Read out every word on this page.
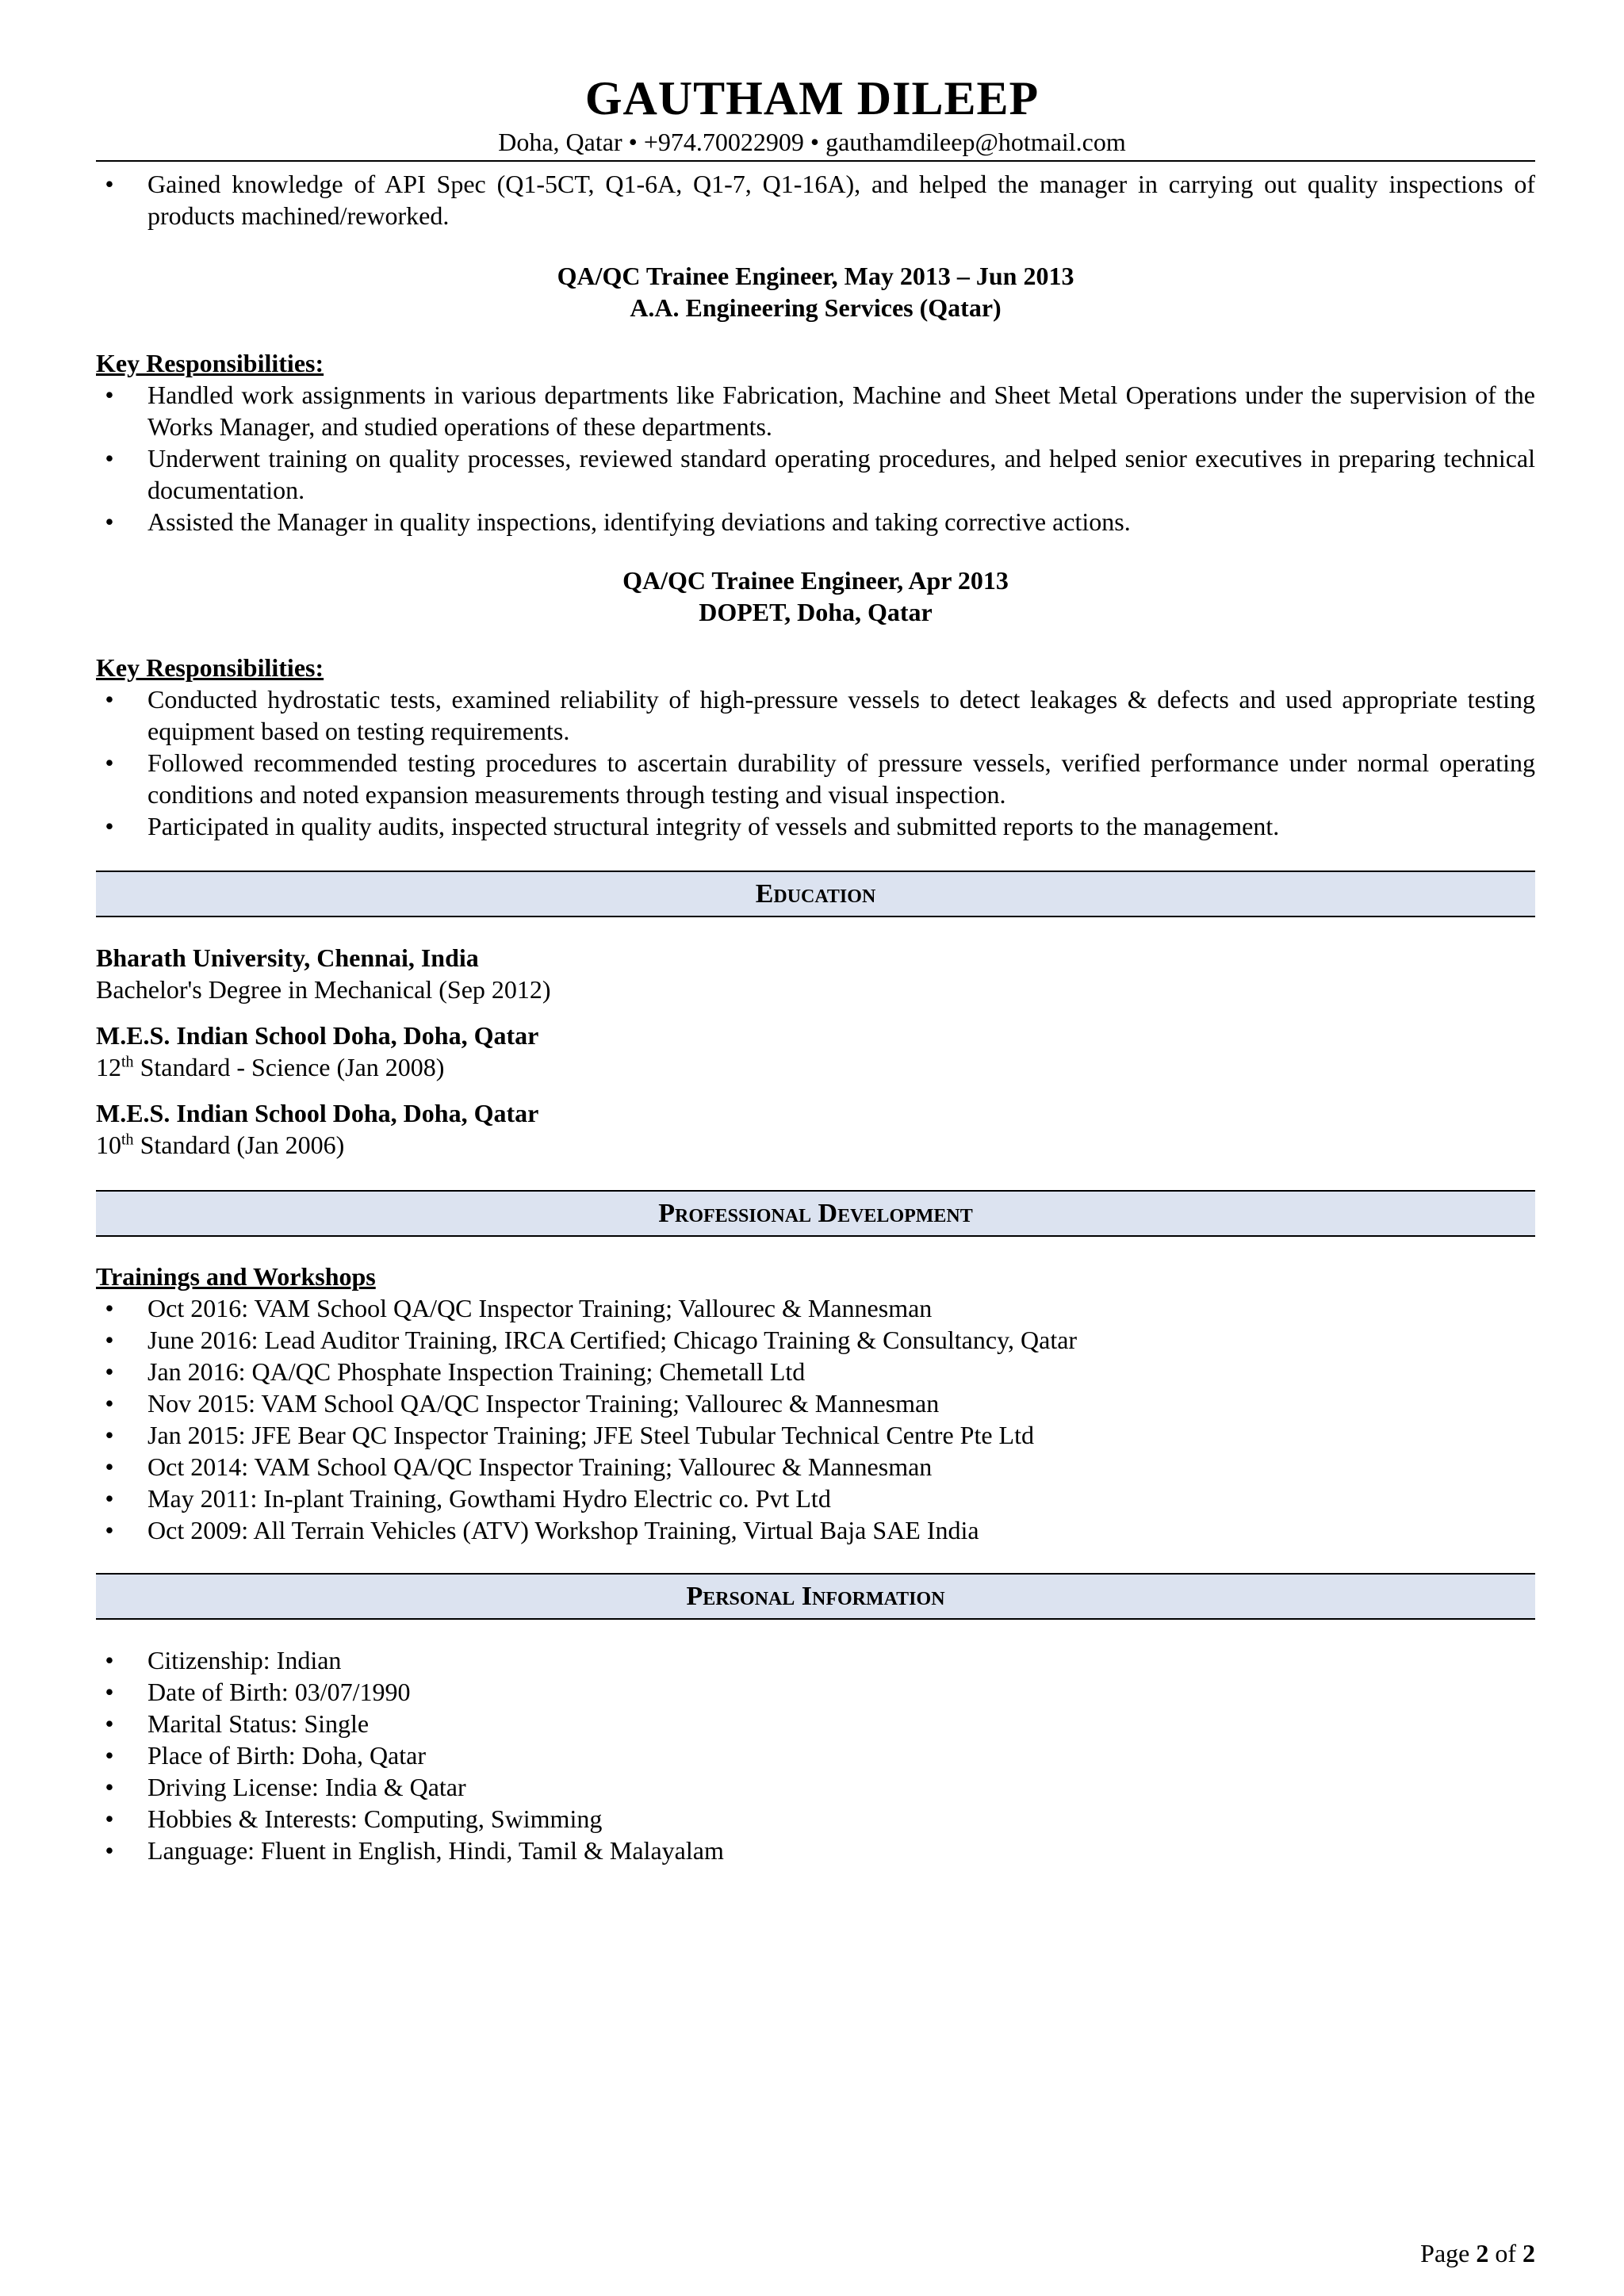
GAUTHAM DILEEP
Doha, Qatar • +974.70022909 • gauthamdileep@hotmail.com
• Gained knowledge of API Spec (Q1-5CT, Q1-6A, Q1-7, Q1-16A), and helped the manager in carrying out quality inspections of products machined/reworked.
QA/QC Trainee Engineer, May 2013 – Jun 2013
A.A. Engineering Services (Qatar)
Key Responsibilities:
• Handled work assignments in various departments like Fabrication, Machine and Sheet Metal Operations under the supervision of the Works Manager, and studied operations of these departments.
• Underwent training on quality processes, reviewed standard operating procedures, and helped senior executives in preparing technical documentation.
• Assisted the Manager in quality inspections, identifying deviations and taking corrective actions.
QA/QC Trainee Engineer, Apr 2013
DOPET, Doha, Qatar
Key Responsibilities:
• Conducted hydrostatic tests, examined reliability of high-pressure vessels to detect leakages & defects and used appropriate testing equipment based on testing requirements.
• Followed recommended testing procedures to ascertain durability of pressure vessels, verified performance under normal operating conditions and noted expansion measurements through testing and visual inspection.
• Participated in quality audits, inspected structural integrity of vessels and submitted reports to the management.
Education
Bharath University, Chennai, India
Bachelor's Degree in Mechanical (Sep 2012)
M.E.S. Indian School Doha, Doha, Qatar
12th Standard - Science (Jan 2008)
M.E.S. Indian School Doha, Doha, Qatar
10th Standard (Jan 2006)
Professional Development
Trainings and Workshops
• Oct 2016: VAM School QA/QC Inspector Training; Vallourec & Mannesman
• June 2016: Lead Auditor Training, IRCA Certified; Chicago Training & Consultancy, Qatar
• Jan 2016: QA/QC Phosphate Inspection Training; Chemetall Ltd
• Nov 2015: VAM School QA/QC Inspector Training; Vallourec & Mannesman
• Jan 2015: JFE Bear QC Inspector Training; JFE Steel Tubular Technical Centre Pte Ltd
• Oct 2014: VAM School QA/QC Inspector Training; Vallourec & Mannesman
• May 2011: In-plant Training, Gowthami Hydro Electric co. Pvt Ltd
• Oct 2009: All Terrain Vehicles (ATV) Workshop Training, Virtual Baja SAE India
Personal Information
• Citizenship: Indian
• Date of Birth: 03/07/1990
• Marital Status: Single
• Place of Birth: Doha, Qatar
• Driving License: India & Qatar
• Hobbies & Interests: Computing, Swimming
• Language: Fluent in English, Hindi, Tamil & Malayalam
Page 2 of 2
